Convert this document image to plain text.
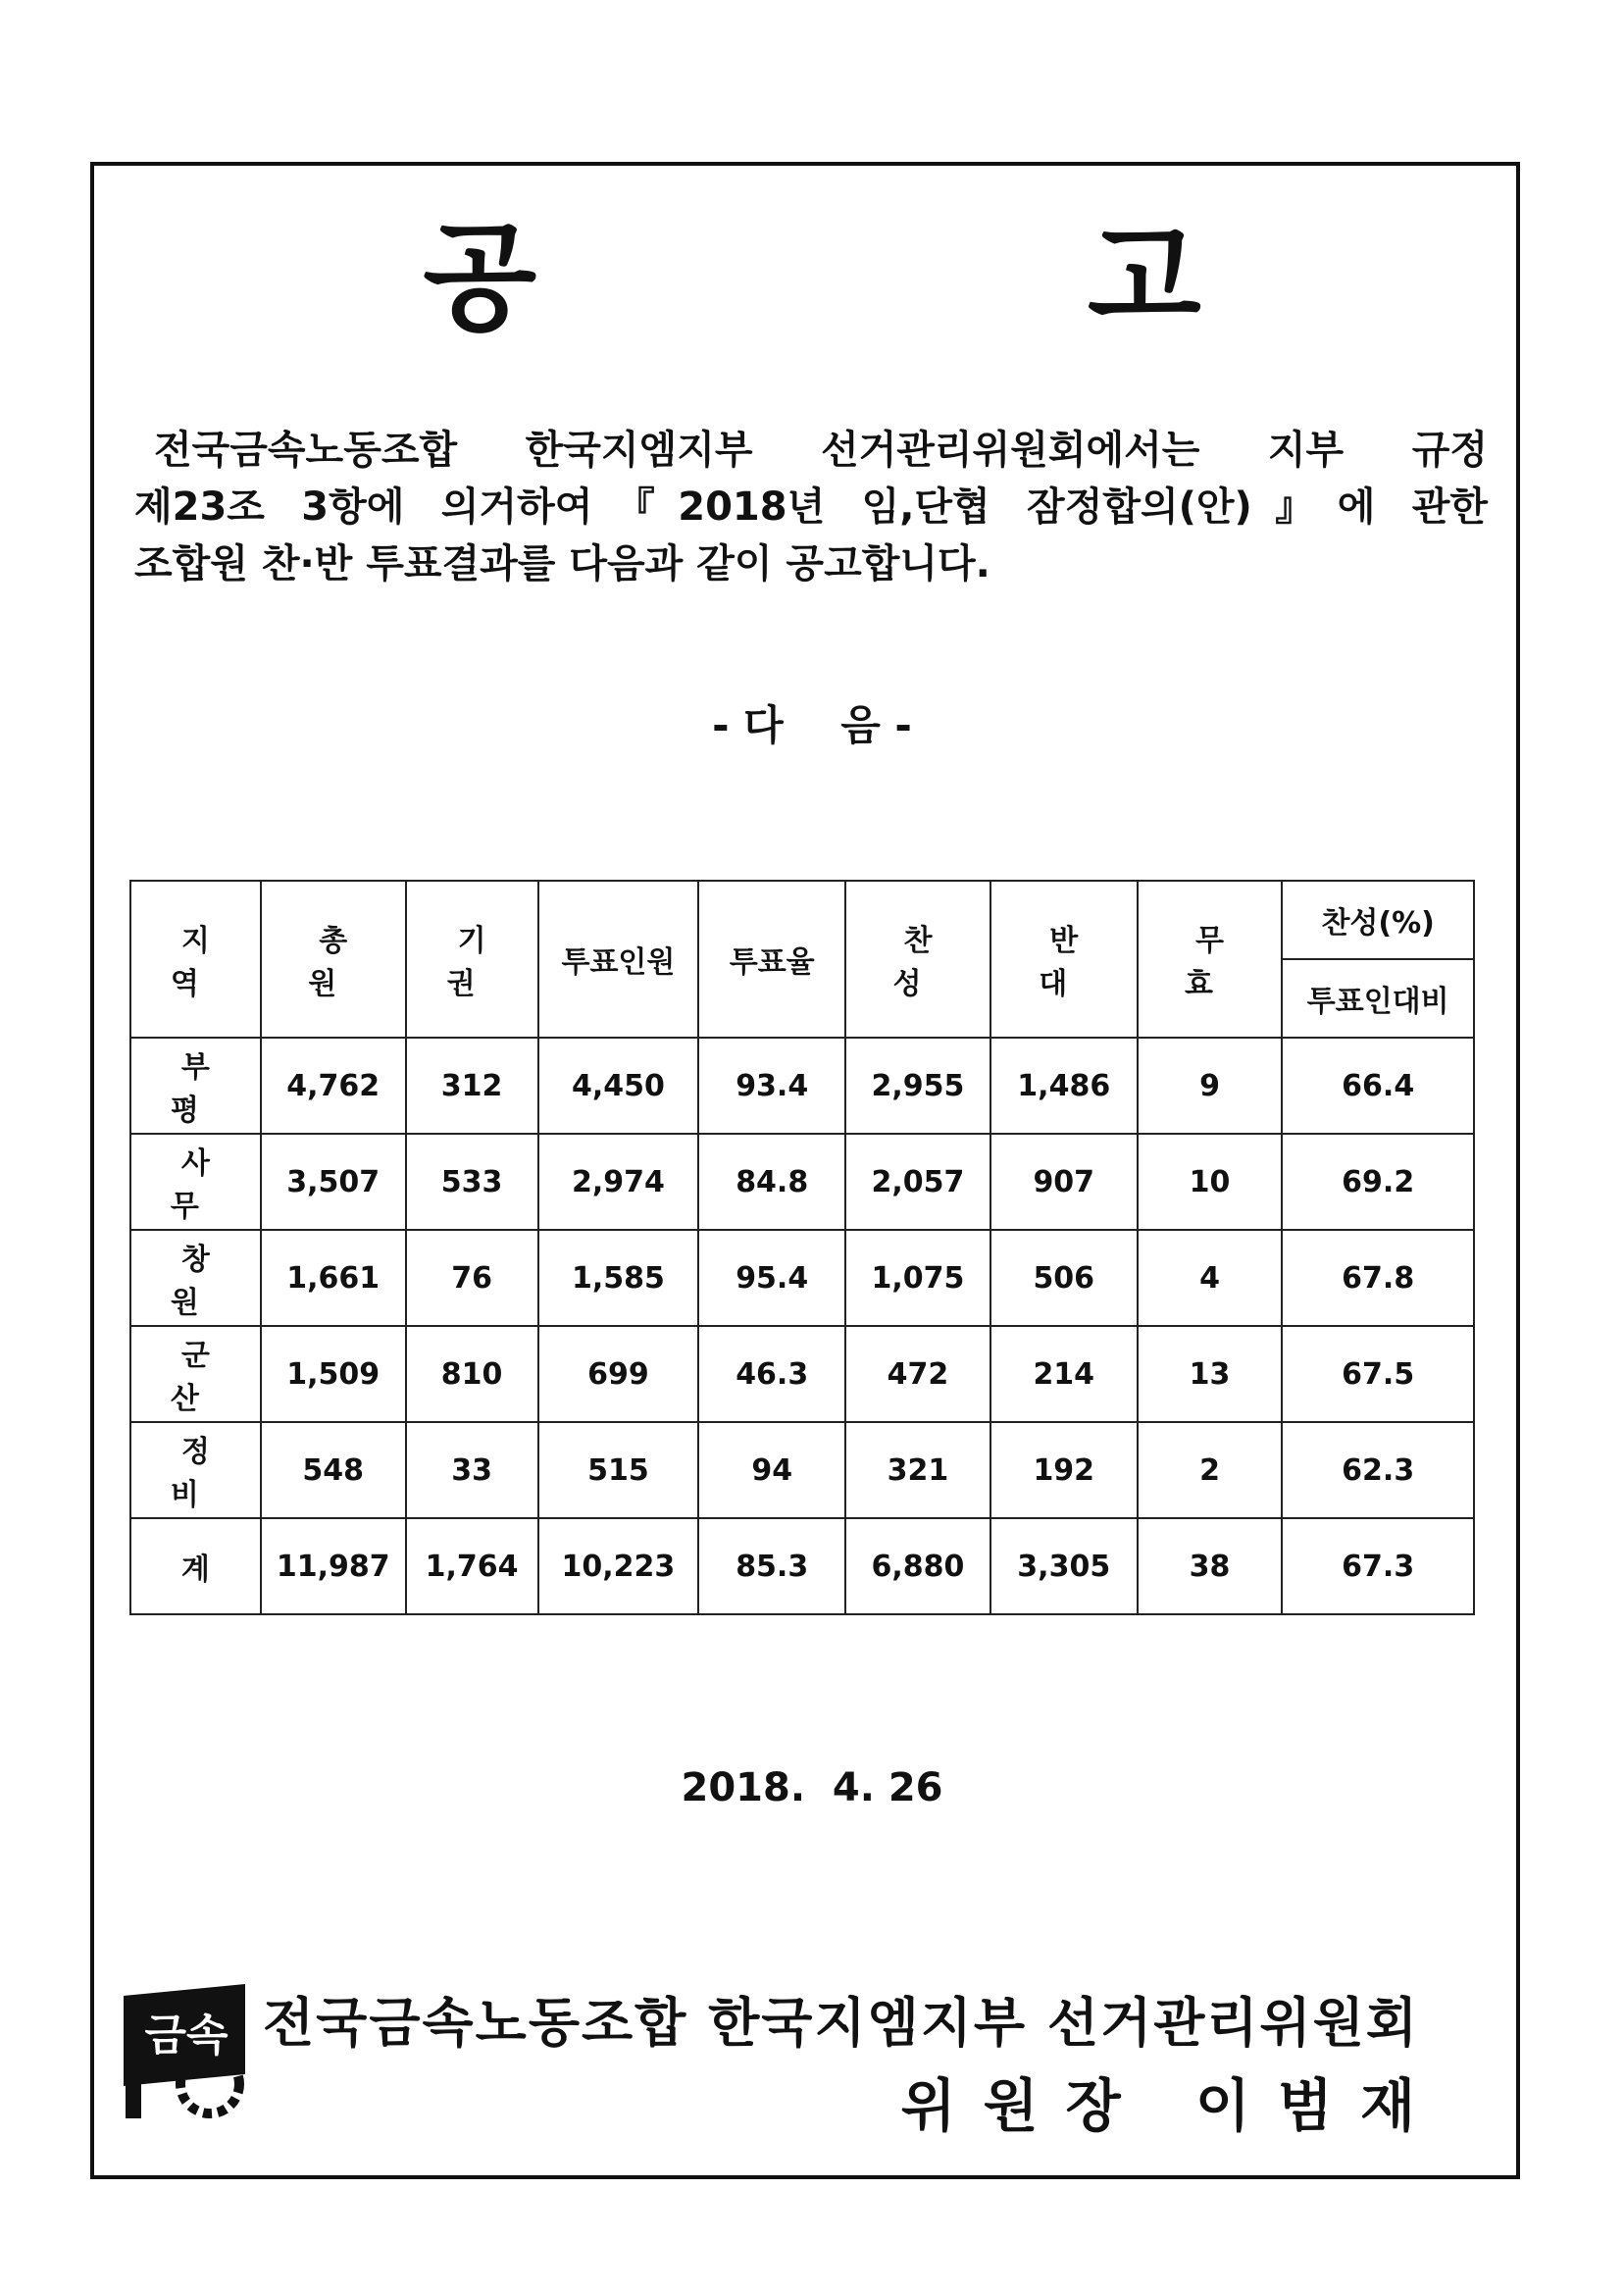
공 고
전국금속노동조합 한국지엠지부 선거관리위원회에서는 지부 규정
제23조 3항에 의거하여『2018년 임,단협 잠정합의(안)』에 관한
조합원 찬·반 투표결과를 다음과 같이 공고합니다.
- 다    음 -
지 역	총 원	기 권	투표인원	투표율	찬 성	반 대	무 효	찬성(%)
								투표인대비
부 평	4,762	312	4,450	93.4	2,955	1,486	9	66.4
사 무	3,507	533	2,974	84.8	2,057	907	10	69.2
창 원	1,661	76	1,585	95.4	1,075	506	4	67.8
군 산	1,509	810	699	46.3	472	214	13	67.5
정 비	548	33	515	94	321	192	2	62.3
계	11,987	1,764	10,223	85.3	6,880	3,305	38	67.3
2018.  4. 26
금속 전국금속노동조합 한국지엠지부 선거관리위원회
위원장 이범재
